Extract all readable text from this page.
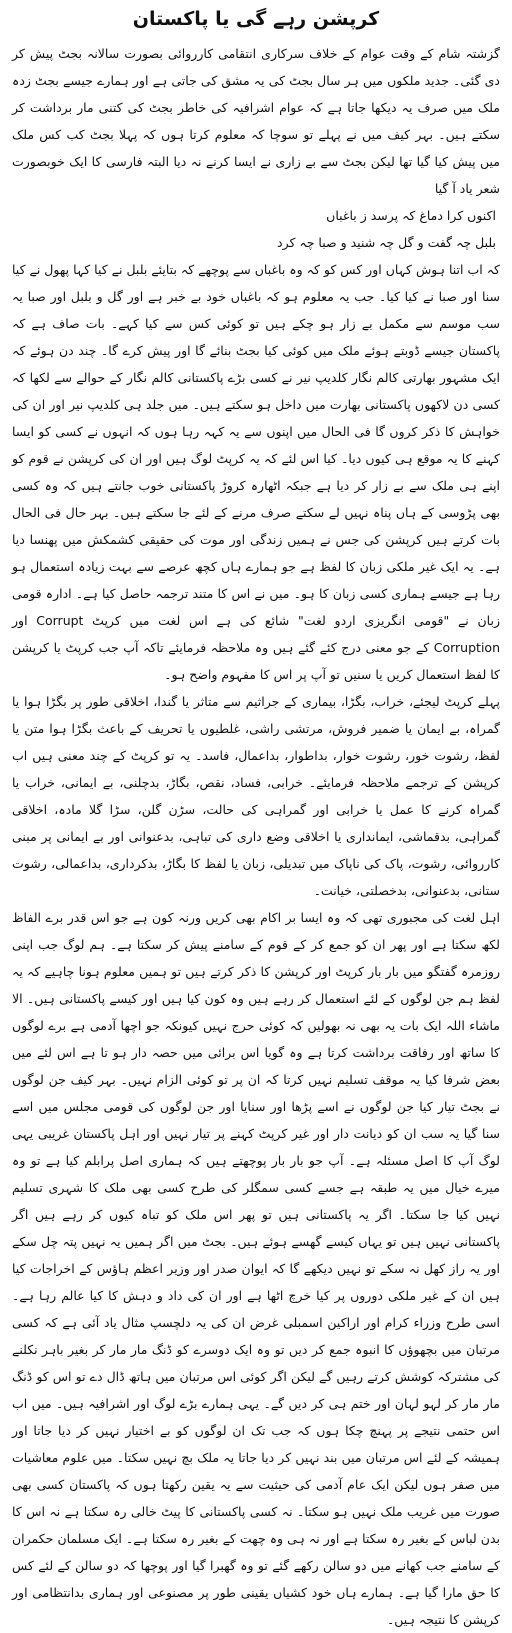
کرپشن رہے گی یا پاکستان

گزشتہ شام کے وقت عوام کے خلاف سرکاری انتقامی کارروائی بصورت سالانہ بجٹ پیش کر دی گئی۔ جدید ملکوں میں ہر سال بجٹ کی یہ مشق کی جاتی ہے اور ہمارے جیسے بجٹ زدہ ملک میں صرف یہ دیکھا جاتا ہے کہ عوام اشرافیہ کی خاطر بجٹ کی کتنی مار برداشت کر سکتے ہیں۔ بہر کیف میں نے پہلے تو سوچا کہ معلوم کرتا ہوں کہ پہلا بجٹ کب کس ملک میں پیش کیا گیا تھا لیکن بجٹ سے بے زاری نے ایسا کرنے نہ دیا البتہ فارسی کا ایک خوبصورت شعر یاد آ گیا

اکنوں کرا دماغ کہ پرسد ز باغباں

بلبل چہ گفت و گل چہ شنید و صبا چہ کرد

کہ اب اتنا ہوش کہاں اور کس کو کہ وہ باغباں سے پوچھے کہ بتایئے بلبل نے کیا کہا پھول نے کیا سنا اور صبا نے کیا کیا۔ جب یہ معلوم ہو کہ باغباں خود بے خبر ہے اور گل و بلبل اور صبا یہ سب موسم سے مکمل بے زار ہو چکے ہیں تو کوئی کس سے کیا کہے۔ بات صاف ہے کہ پاکستان جیسے ڈوبتے ہوئے ملک میں کوئی کیا بجٹ بنائے گا اور پیش کرے گا۔ چند دن ہوئے کہ ایک مشہور بھارتی کالم نگار کلدیپ نیر نے کسی بڑے پاکستانی کالم نگار کے حوالے سے لکھا کہ کسی دن لاکھوں پاکستانی بھارت میں داخل ہو سکتے ہیں۔ میں جلد ہی کلدیپ نیر اور ان کی خواہش کا ذکر کروں گا فی الحال میں اپنوں سے یہ کہہ رہا ہوں کہ انہوں نے کسی کو ایسا کہنے کا یہ موقع ہی کیوں دیا۔ کیا اس لئے کہ یہ کرپٹ لوگ ہیں اور ان کی کرپشن نے قوم کو اپنے ہی ملک سے بے زار کر دیا ہے جبکہ اٹھارہ کروڑ پاکستانی خوب جانتے ہیں کہ وہ کسی بھی پڑوسی کے ہاں پناہ نہیں لے سکتے صرف مرنے کے لئے جا سکتے ہیں۔ بہر حال فی الحال بات کرتے ہیں کرپشن کی جس نے ہمیں زندگی اور موت کی حقیقی کشمکش میں پھنسا دیا ہے۔ یہ ایک غیر ملکی زبان کا لفظ ہے جو ہمارے ہاں کچھ عرصے سے بہت زیادہ استعمال ہو رہا ہے جیسے ہماری کسی زبان کا ہو۔ میں نے اس کا متند ترجمہ حاصل کیا ہے۔ ادارہ قومی زبان نے "قومی انگریزی اردو لغت" شائع کی ہے اس لغت میں کرپٹ Corrupt اور Corruption کے جو معنی درج کئے گئے ہیں وہ ملاحظہ فرمایئے تاکہ آپ جب کرپٹ یا کرپشن کا لفظ استعمال کریں یا سنیں تو آپ پر اس کا مفہوم واضح ہو۔

پہلے کرپٹ لیجئے، خراب، بگڑا، بیماری کے جراثیم سے متاثر یا گندا، اخلاقی طور پر بگڑا ہوا یا گمراہ، بے ایمان یا ضمیر فروش، مرتشی راشی، غلطیوں یا تحریف کے باعث بگڑا ہوا متن یا لفظ، رشوت خور، رشوت خوار، بداطوار، بداعمال، فاسد۔ یہ تو کرپٹ کے چند معنی ہیں اب کرپشن کے ترجمے ملاحظہ فرمایئے۔ خرابی، فساد، نقص، بگاڑ، بدچلنی، بے ایمانی، خراب یا گمراہ کرنے کا عمل یا خرابی اور گمراہی کی حالت، سڑن گلن، سڑا گلا مادہ، اخلاقی گمراہی، بدقماشی، ایمانداری یا اخلاقی وضع داری کی تباہی، بدعنوانی اور بے ایمانی پر مبنی کارروائی، رشوت، پاک کی ناپاک میں تبدیلی، زبان یا لفظ کا بگاڑ، بدکرداری، بداعمالی، رشوت ستانی، بدعنوانی، بدخصلتی، خیانت۔

اہل لغت کی مجبوری تھی کہ وہ ایسا بر اکام بھی کریں ورنہ کون ہے جو اس قدر برے الفاظ لکھ سکتا ہے اور پھر ان کو جمع کر کے قوم کے سامنے پیش کر سکتا ہے۔ ہم لوگ جب اپنی روزمرہ گفتگو میں بار بار کرپٹ اور کرپشن کا ذکر کرتے ہیں تو ہمیں معلوم ہونا چاہیے کہ یہ لفظ ہم جن لوگوں کے لئے استعمال کر رہے ہیں وہ کون کیا ہیں اور کیسے پاکستانی ہیں۔ الا ماشاء اللہ ایک بات یہ بھی نہ بھولیں کہ کوئی حرج نہیں کیونکہ جو اچھا آدمی ہے برے لوگوں کا ساتھ اور رفاقت برداشت کرتا ہے وہ گویا اس برائی میں حصہ دار ہو تا ہے اس لئے میں بعض شرفا کیا یہ موقف تسلیم نہیں کرتا کہ ان پر تو کوئی الزام نہیں۔ بہر کیف جن لوگوں نے بجٹ تیار کیا جن لوگوں نے اسے پڑھا اور سنایا اور جن لوگوں کی قومی مجلس میں اسے سنا گیا یہ سب ان کو دیانت دار اور غیر کرپٹ کہنے پر تیار نہیں اور اہل پاکستان غریبی یہی لوگ آپ کا اصل مسئلہ ہے۔ آپ جو بار بار پوچھتے ہیں کہ ہماری اصل پرابلم کیا ہے تو وہ میرے خیال میں یہ طبقہ ہے جسے کسی سمگلر کی طرح کسی بھی ملک کا شہری تسلیم نہیں کیا جا سکتا۔ اگر یہ پاکستانی ہیں تو پھر اس ملک کو تباہ کیوں کر رہے ہیں اگر پاکستانی نہیں ہیں تو یہاں کیسے گھسے ہوئے ہیں۔ بجٹ میں اگر ہمیں یہ نہیں پتہ چل سکے اور یہ راز کھل نہ سکے تو نہیں دیکھے گا کہ ایوان صدر اور وزیر اعظم ہاؤس کے اخراجات کیا ہیں ان کے غیر ملکی دوروں پر کیا خرچ اٹھا ہے اور ان کی داد و دہش کا کیا عالم رہا ہے۔ اسی طرح وزراء کرام اور اراکین اسمبلی غرض ان کی یہ دلچسپ مثال یاد آئی ہے کہ کسی مرتبان میں بچھوؤں کا انبوہ جمع کر دیں تو وہ ایک دوسرے کو ڈنگ مار مار کر بغیر باہر نکلنے کی مشترکہ کوشش کرتے رہیں گے لیکن اگر کوئی اس مرتبان میں ہاتھ ڈال دے تو اس کو ڈنگ مار مار کر لہو لہان اور ختم ہی کر دیں گے۔ یہی ہمارے بڑے لوگ اور اشرافیہ ہیں۔ میں اب اس حتمی نتیجے پر پہنچ چکا ہوں کہ جب تک ان لوگوں کو بے اختیار نہیں کر دیا جاتا اور ہمیشہ کے لئے اس مرتبان میں بند نہیں کر دیا جاتا یہ ملک بچ نہیں سکتا۔ میں علوم معاشیات میں صفر ہوں لیکن ایک عام آدمی کی حیثیت سے یہ یقین رکھتا ہوں کہ پاکستان کسی بھی صورت میں غریب ملک نہیں ہو سکتا۔ نہ کسی پاکستانی کا پیٹ خالی رہ سکتا ہے نہ اس کا بدن لباس کے بغیر رہ سکتا ہے اور نہ ہی وہ چھت کے بغیر رہ سکتا ہے۔ ایک مسلمان حکمران کے سامنے جب کھانے میں دو سالن رکھے گئے تو وہ گھبرا گیا اور پوچھا کہ دو سالن کے لئے کس کا حق مارا گیا ہے۔ ہمارے ہاں خود کشیاں یقینی طور پر مصنوعی اور ہماری بدانتظامی اور کرپشن کا نتیجہ ہیں۔
